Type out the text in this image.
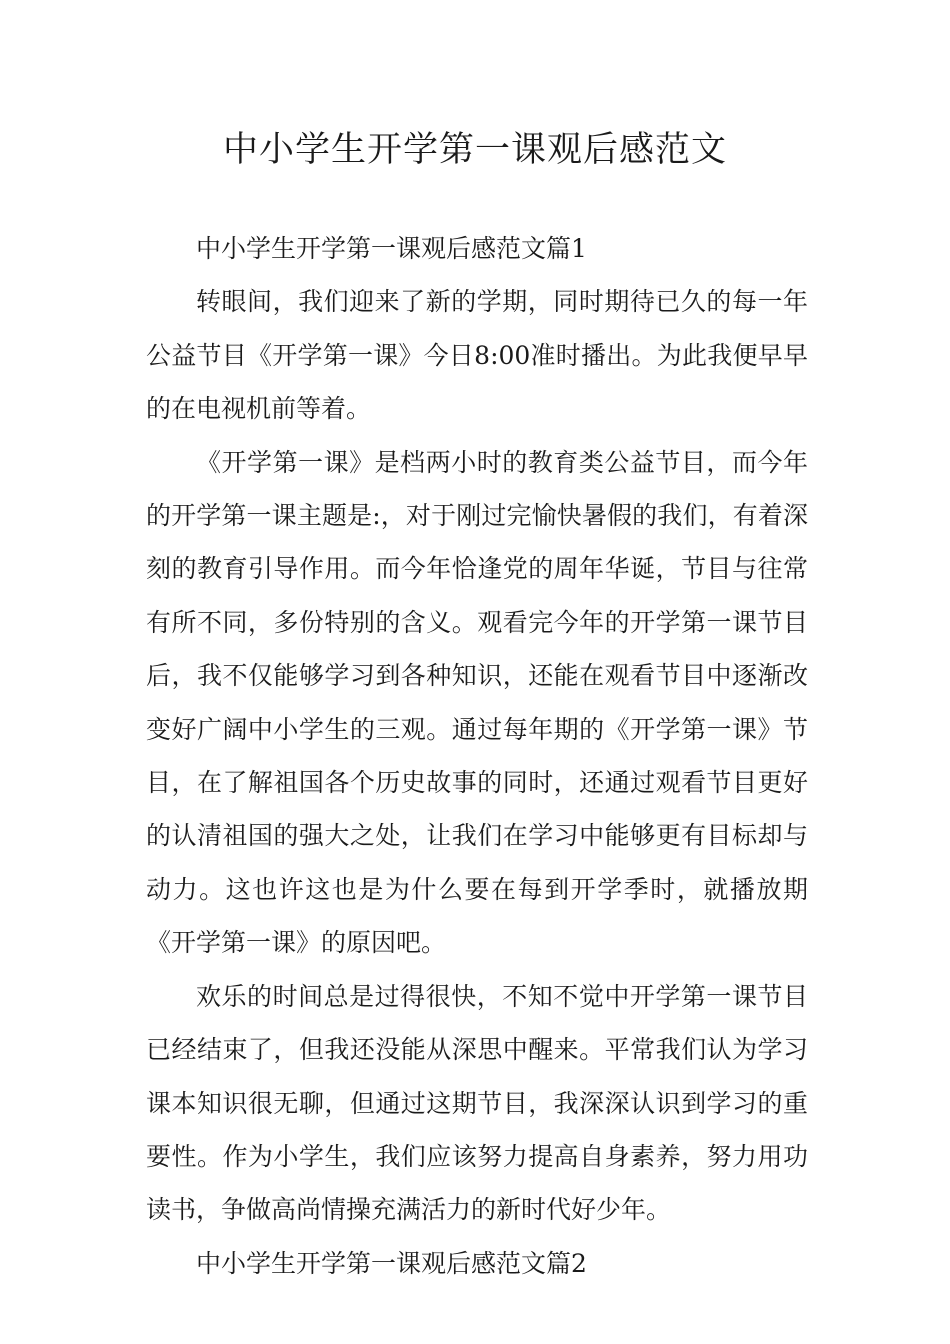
中小学生开学第一课观后感范文

中小学生开学第一课观后感范文篇1

转眼间，我们迎来了新的学期，同时期待已久的每一年公益节目《开学第一课》今日8:00准时播出。为此我便早早的在电视机前等着。

《开学第一课》是档两小时的教育类公益节目，而今年的开学第一课主题是:，对于刚过完愉快暑假的我们，有着深刻的教育引导作用。而今年恰逢党的周年华诞，节目与往常有所不同，多份特别的含义。观看完今年的开学第一课节目后，我不仅能够学习到各种知识，还能在观看节目中逐渐改变好广阔中小学生的三观。通过每年期的《开学第一课》节目，在了解祖国各个历史故事的同时，还通过观看节目更好的认清祖国的强大之处，让我们在学习中能够更有目标却与动力。这也许这也是为什么要在每到开学季时，就播放期《开学第一课》的原因吧。

欢乐的时间总是过得很快，不知不觉中开学第一课节目已经结束了，但我还没能从深思中醒来。平常我们认为学习课本知识很无聊，但通过这期节目，我深深认识到学习的重要性。作为小学生，我们应该努力提高自身素养，努力用功读书，争做高尚情操充满活力的新时代好少年。

中小学生开学第一课观后感范文篇2
